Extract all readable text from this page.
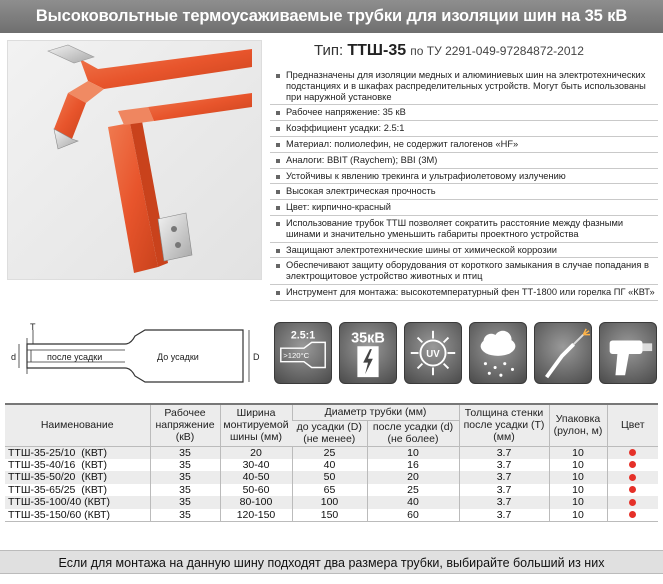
Высоковольтные термоусаживаемые трубки для изоляции шин на 35 кВ
Тип: ТТШ-35 по ТУ 2291-049-97284872-2012
Предназначены для изоляции медных и алюминиевых шин на электротехнических подстанциях и в шкафах распределительных устройств. Могут быть использованы при наружной установке
Рабочее напряжение: 35 кВ
Коэффициент усадки: 2.5:1
Материал: полиолефин, не содержит галогенов «HF»
Аналоги: BBIT (Raychem); BBI (3M)
Устойчивы к явлению трекинга и ультрафиолетовому излучению
Высокая электрическая прочность
Цвет: кирпично-красный
Использование трубок ТТШ позволяет сократить расстояние между фазными шинами и значительно уменьшить габариты проектного устройства
Защищают электротехнические шины от химической коррозии
Обеспечивают защиту оборудования от короткого замыкания в случае попадания в электрощитовое устройство животных и птиц
Инструмент для монтажа: высокотемпературный фен ТТ-1800 или горелка ПГ «КВТ»
T
d	D
после усадки	До усадки
2.5:1
>120°C
35кВ
UV
Наименование	Рабочее напряжение (кВ)	Ширина монтируемой шины (мм)	Диаметр трубки (мм)		Толщина стенки после усадки (T) (мм)	Упаковка (рулон, м)	Цвет
			до усадки (D) (не менее)	после усадки (d) (не более)			
ТТШ-35-25/10  (КВТ)	35	20	25	10	3.7	10	
ТТШ-35-40/16  (КВТ)	35	30-40	40	16	3.7	10	
ТТШ-35-50/20  (КВТ)	35	40-50	50	20	3.7	10	
ТТШ-35-65/25  (КВТ)	35	50-60	65	25	3.7	10	
ТТШ-35-100/40 (КВТ)	35	80-100	100	40	3.7	10	
ТТШ-35-150/60 (КВТ)	35	120-150	150	60	3.7	10	
Если для монтажа на данную шину подходят два размера трубки, выбирайте больший из них
